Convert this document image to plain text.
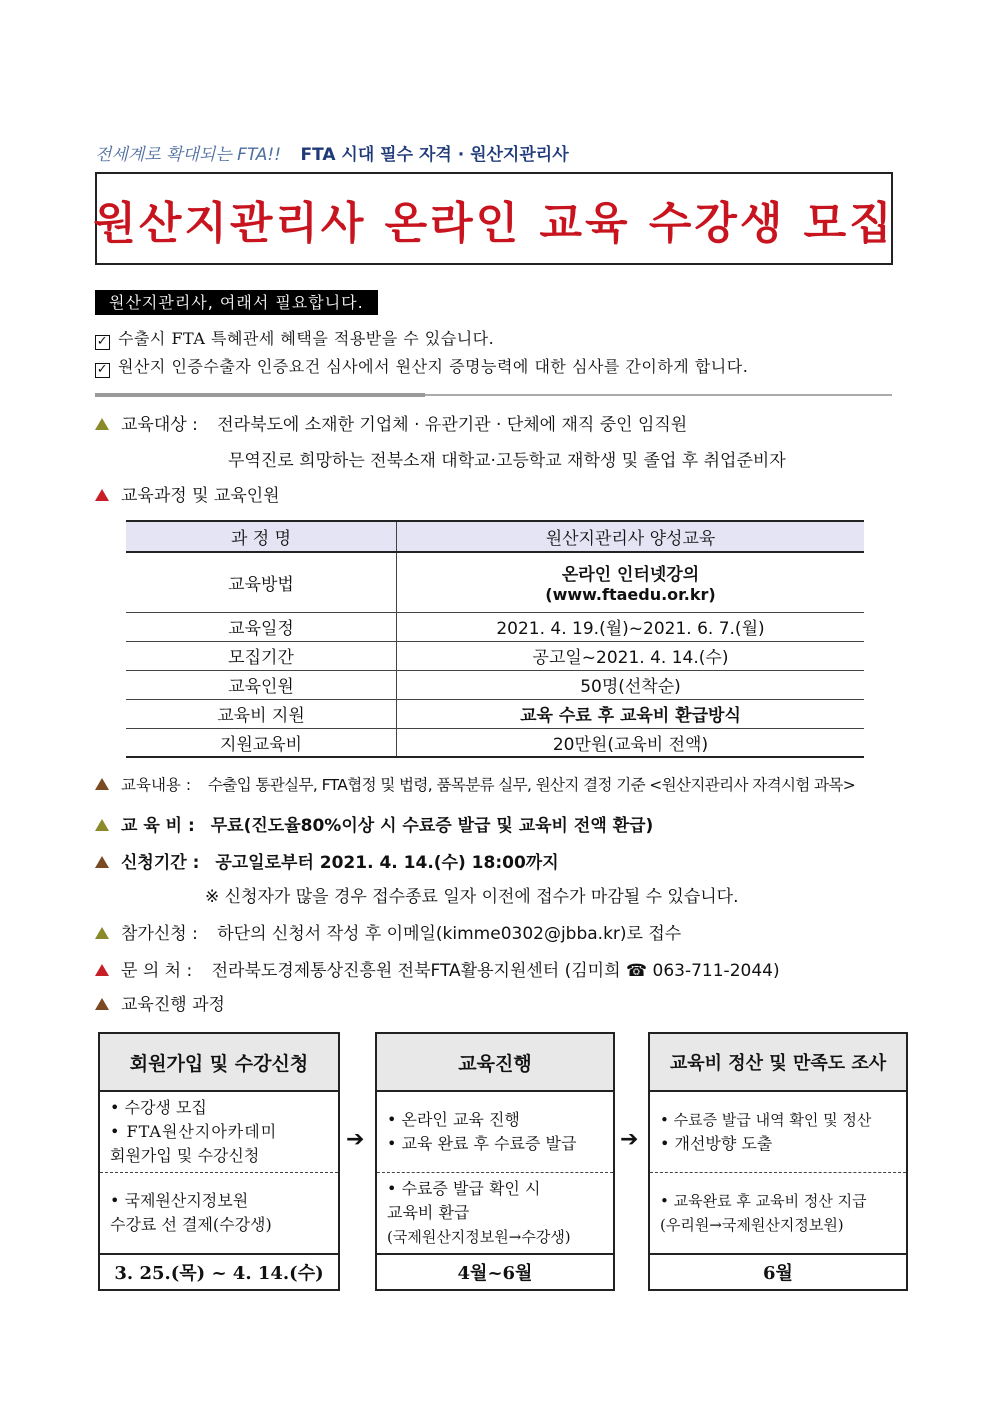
전세계로 확대되는 FTA!! FTA 시대 필수 자격 · 원산지관리사
원산지관리사 온라인 교육 수강생 모집
원산지관리사, 여래서 필요합니다.
✓ 수출시 FTA 특혜관세 혜택을 적용받을 수 있습니다.
✓ 원산지 인증수출자 인증요건 심사에서 원산지 증명능력에 대한 심사를 간이하게 합니다.
교육대상 : 전라북도에 소재한 기업체 · 유관기관 · 단체에 재직 중인 임직원
무역진로 희망하는 전북소재 대학교·고등학교 재학생 및 졸업 후 취업준비자
교육과정 및 교육인원
과 정 명	원산지관리사 양성교육
교육방법	온라인 인터넷강의
(www.ftaedu.or.kr)

교육일정	2021. 4. 19.(월)~2021. 6. 7.(월)
모집기간	공고일~2021. 4. 14.(수)
교육인원	50명(선착순)
교육비 지원	교육 수료 후 교육비 환급방식
지원교육비	20만원(교육비 전액)
교육내용 : 수출입 통관실무, FTA협정 및 법령, 품목분류 실무, 원산지 결정 기준 <원산지관리사 자격시험 과목>
교 육 비 : 무료(진도율80%이상 시 수료증 발급 및 교육비 전액 환급)
신청기간 : 공고일로부터 2021. 4. 14.(수) 18:00까지
※ 신청자가 많을 경우 접수종료 일자 이전에 접수가 마감될 수 있습니다.
참가신청 : 하단의 신청서 작성 후 이메일(kimme0302@jbba.kr)로 접수
문 의 처 : 전라북도경제통상진흥원 전북FTA활용지원센터 (김미희 ☎ 063-711-2044)
교육진행 과정
회원가입 및 수강신청
• 수강생 모집
• FTA원산지아카데미
회원가입 및 수강신청
• 국제원산지정보원
수강료 선 결제(수강생)
3. 25.(목) ~ 4. 14.(수)
➔
교육진행
• 온라인 교육 진행
• 교육 완료 후 수료증 발급
• 수료증 발급 확인 시
교육비 환급
(국제원산지정보원→수강생)
4월~6월
➔
교육비 정산 및 만족도 조사
• 수료증 발급 내역 확인 및 정산
• 개선방향 도출
• 교육완료 후 교육비 정산 지급
(우리원→국제원산지정보원)
6월
